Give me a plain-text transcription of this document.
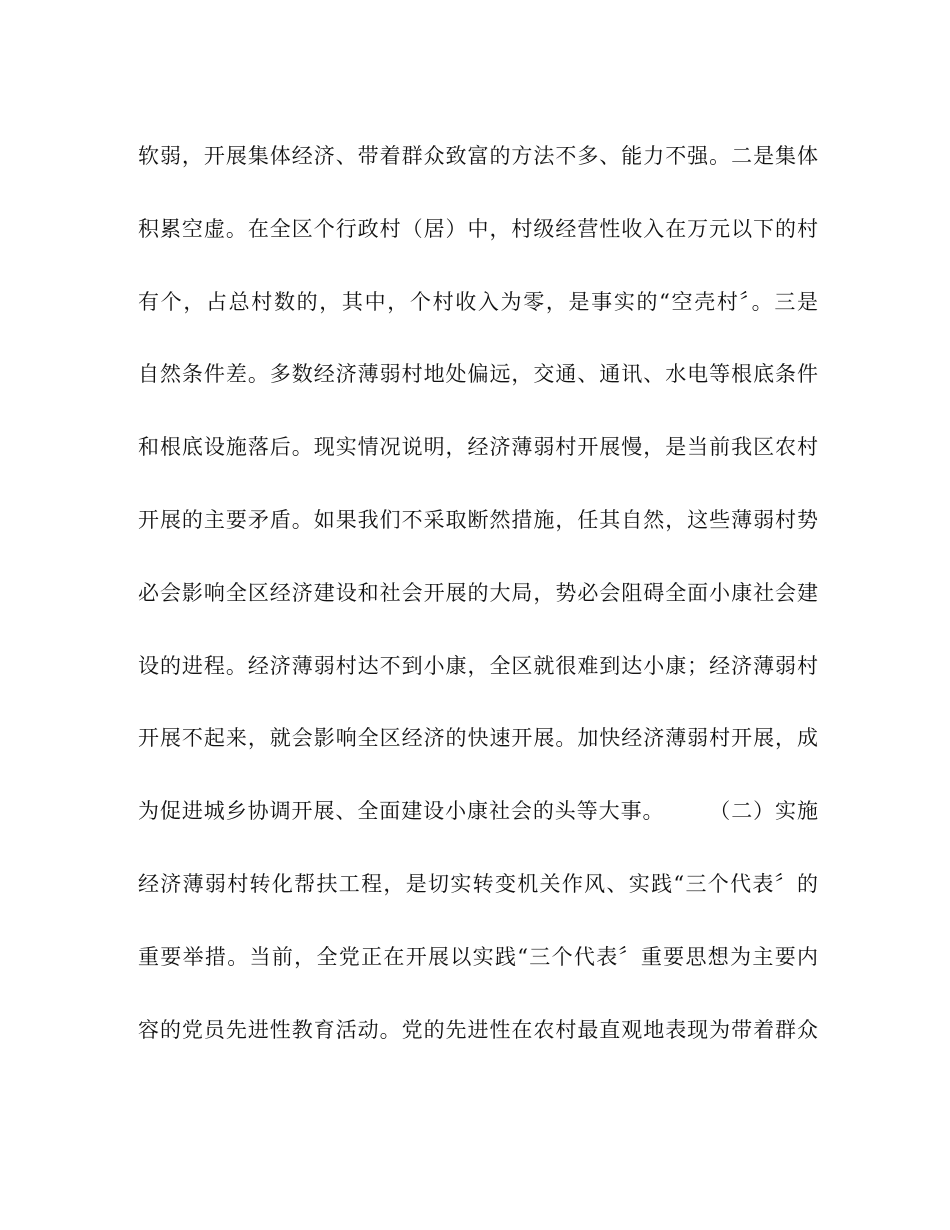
软弱，开展集体经济、带着群众致富的方法不多、能力不强。二是集体
积累空虚。在全区个行政村（居）中，村级经营性收入在万元以下的村
有个，占总村数的，其中，个村收入为零，是事实的“空壳村〞。三是
自然条件差。多数经济薄弱村地处偏远，交通、通讯、水电等根底条件
和根底设施落后。现实情况说明，经济薄弱村开展慢，是当前我区农村
开展的主要矛盾。如果我们不采取断然措施，任其自然，这些薄弱村势
必会影响全区经济建设和社会开展的大局，势必会阻碍全面小康社会建
设的进程。经济薄弱村达不到小康，全区就很难到达小康；经济薄弱村
开展不起来，就会影响全区经济的快速开展。加快经济薄弱村开展，成
为促进城乡协调开展、全面建设小康社会的头等大事。　　　（二）实施
经济薄弱村转化帮扶工程，是切实转变机关作风、实践“三个代表〞的
重要举措。当前，全党正在开展以实践“三个代表〞重要思想为主要内
容的党员先进性教育活动。党的先进性在农村最直观地表现为带着群众
